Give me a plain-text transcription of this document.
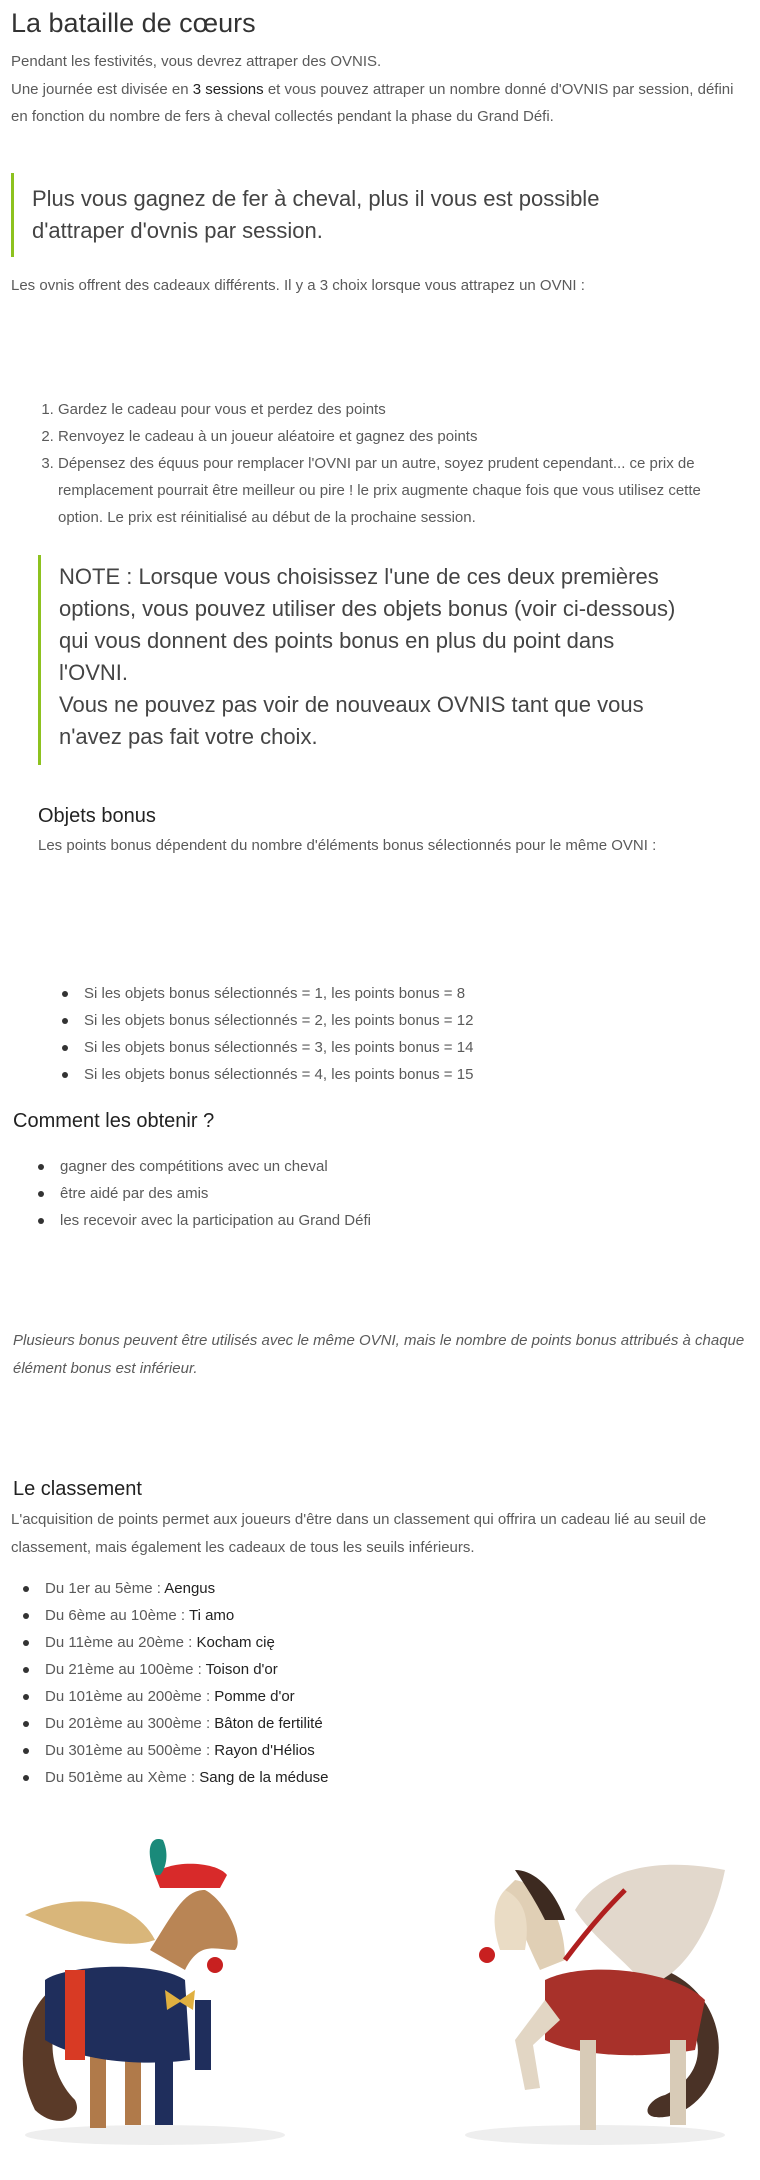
La bataille de cœurs

Pendant les festivités, vous devrez attraper des OVNIS.

Une journée est divisée en 3 sessions et vous pouvez attraper un nombre donné d'OVNIS par session, défini en fonction du nombre de fers à cheval collectés pendant la phase du Grand Défi.

Plus vous gagnez de fer à cheval, plus il vous est possible d'attraper d'ovnis par session.

Les ovnis offrent des cadeaux différents. Il y a 3 choix lorsque vous attrapez un OVNI :

1. Gardez le cadeau pour vous et perdez des points
2. Renvoyez le cadeau à un joueur aléatoire et gagnez des points
3. Dépensez des équus pour remplacer l'OVNI par un autre, soyez prudent cependant... ce prix de remplacement pourrait être meilleur ou pire ! le prix augmente chaque fois que vous utilisez cette option. Le prix est réinitialisé au début de la prochaine session.
NOTE : Lorsque vous choisissez l'une de ces deux premières options, vous pouvez utiliser des objets bonus (voir ci-dessous) qui vous donnent des points bonus en plus du point dans l'OVNI.
Vous ne pouvez pas voir de nouveaux OVNIS tant que vous n'avez pas fait votre choix.
Objets bonus

Les points bonus dépendent du nombre d'éléments bonus sélectionnés pour le même OVNI :

Si les objets bonus sélectionnés = 1, les points bonus = 8
Si les objets bonus sélectionnés = 2, les points bonus = 12
Si les objets bonus sélectionnés = 3, les points bonus = 14
Si les objets bonus sélectionnés = 4, les points bonus = 15
Comment les obtenir ?
gagner des compétitions avec un cheval
être aidé par des amis
les recevoir avec la participation au Grand Défi

Plusieurs bonus peuvent être utilisés avec le même OVNI, mais le nombre de points bonus attribués à chaque élément bonus est inférieur.

Le classement

L'acquisition de points permet aux joueurs d'être dans un classement qui offrira un cadeau lié au seuil de classement, mais également les cadeaux de tous les seuils inférieurs.

Du 1er au 5ème : Aengus
Du 6ème au 10ème : Ti amo
Du 11ème au 20ème : Kocham cię
Du 21ème au 100ème : Toison d'or
Du 101ème au 200ème : Pomme d'or
Du 201ème au 300ème : Bâton de fertilité
Du 301ème au 500ème : Rayon d'Hélios
Du 501ème au Xème : Sang de la méduse
